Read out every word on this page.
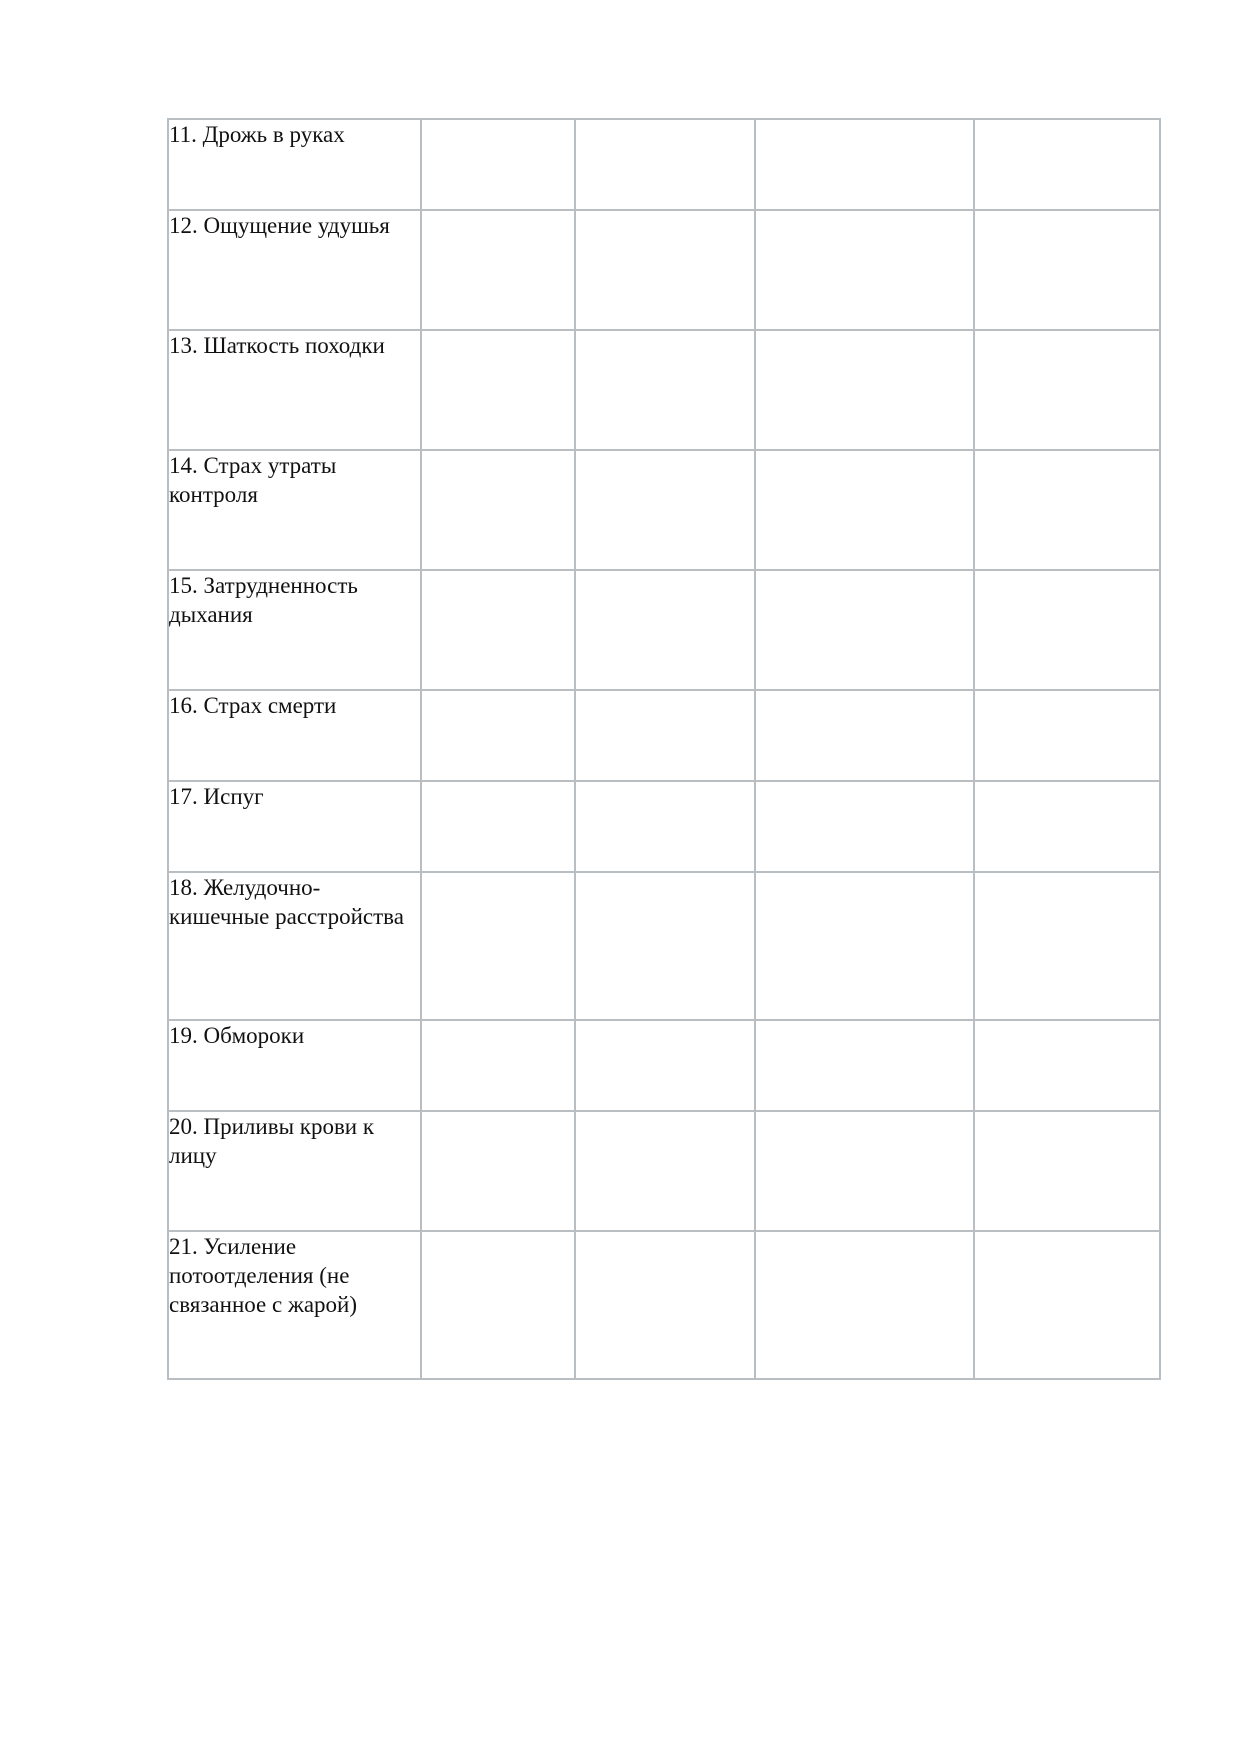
11. Дрожь в руках				
12. Ощущение удушья				
13. Шаткость походки				
14. Страх утраты контроля				
15. Затрудненность дыхания				
16. Страх смерти				
17. Испуг				
18. Желудочно-кишечные расстройства				
19. Обмороки				
20. Приливы крови к лицу				
21. Усиление потоотделения (не связанное с жарой)				
